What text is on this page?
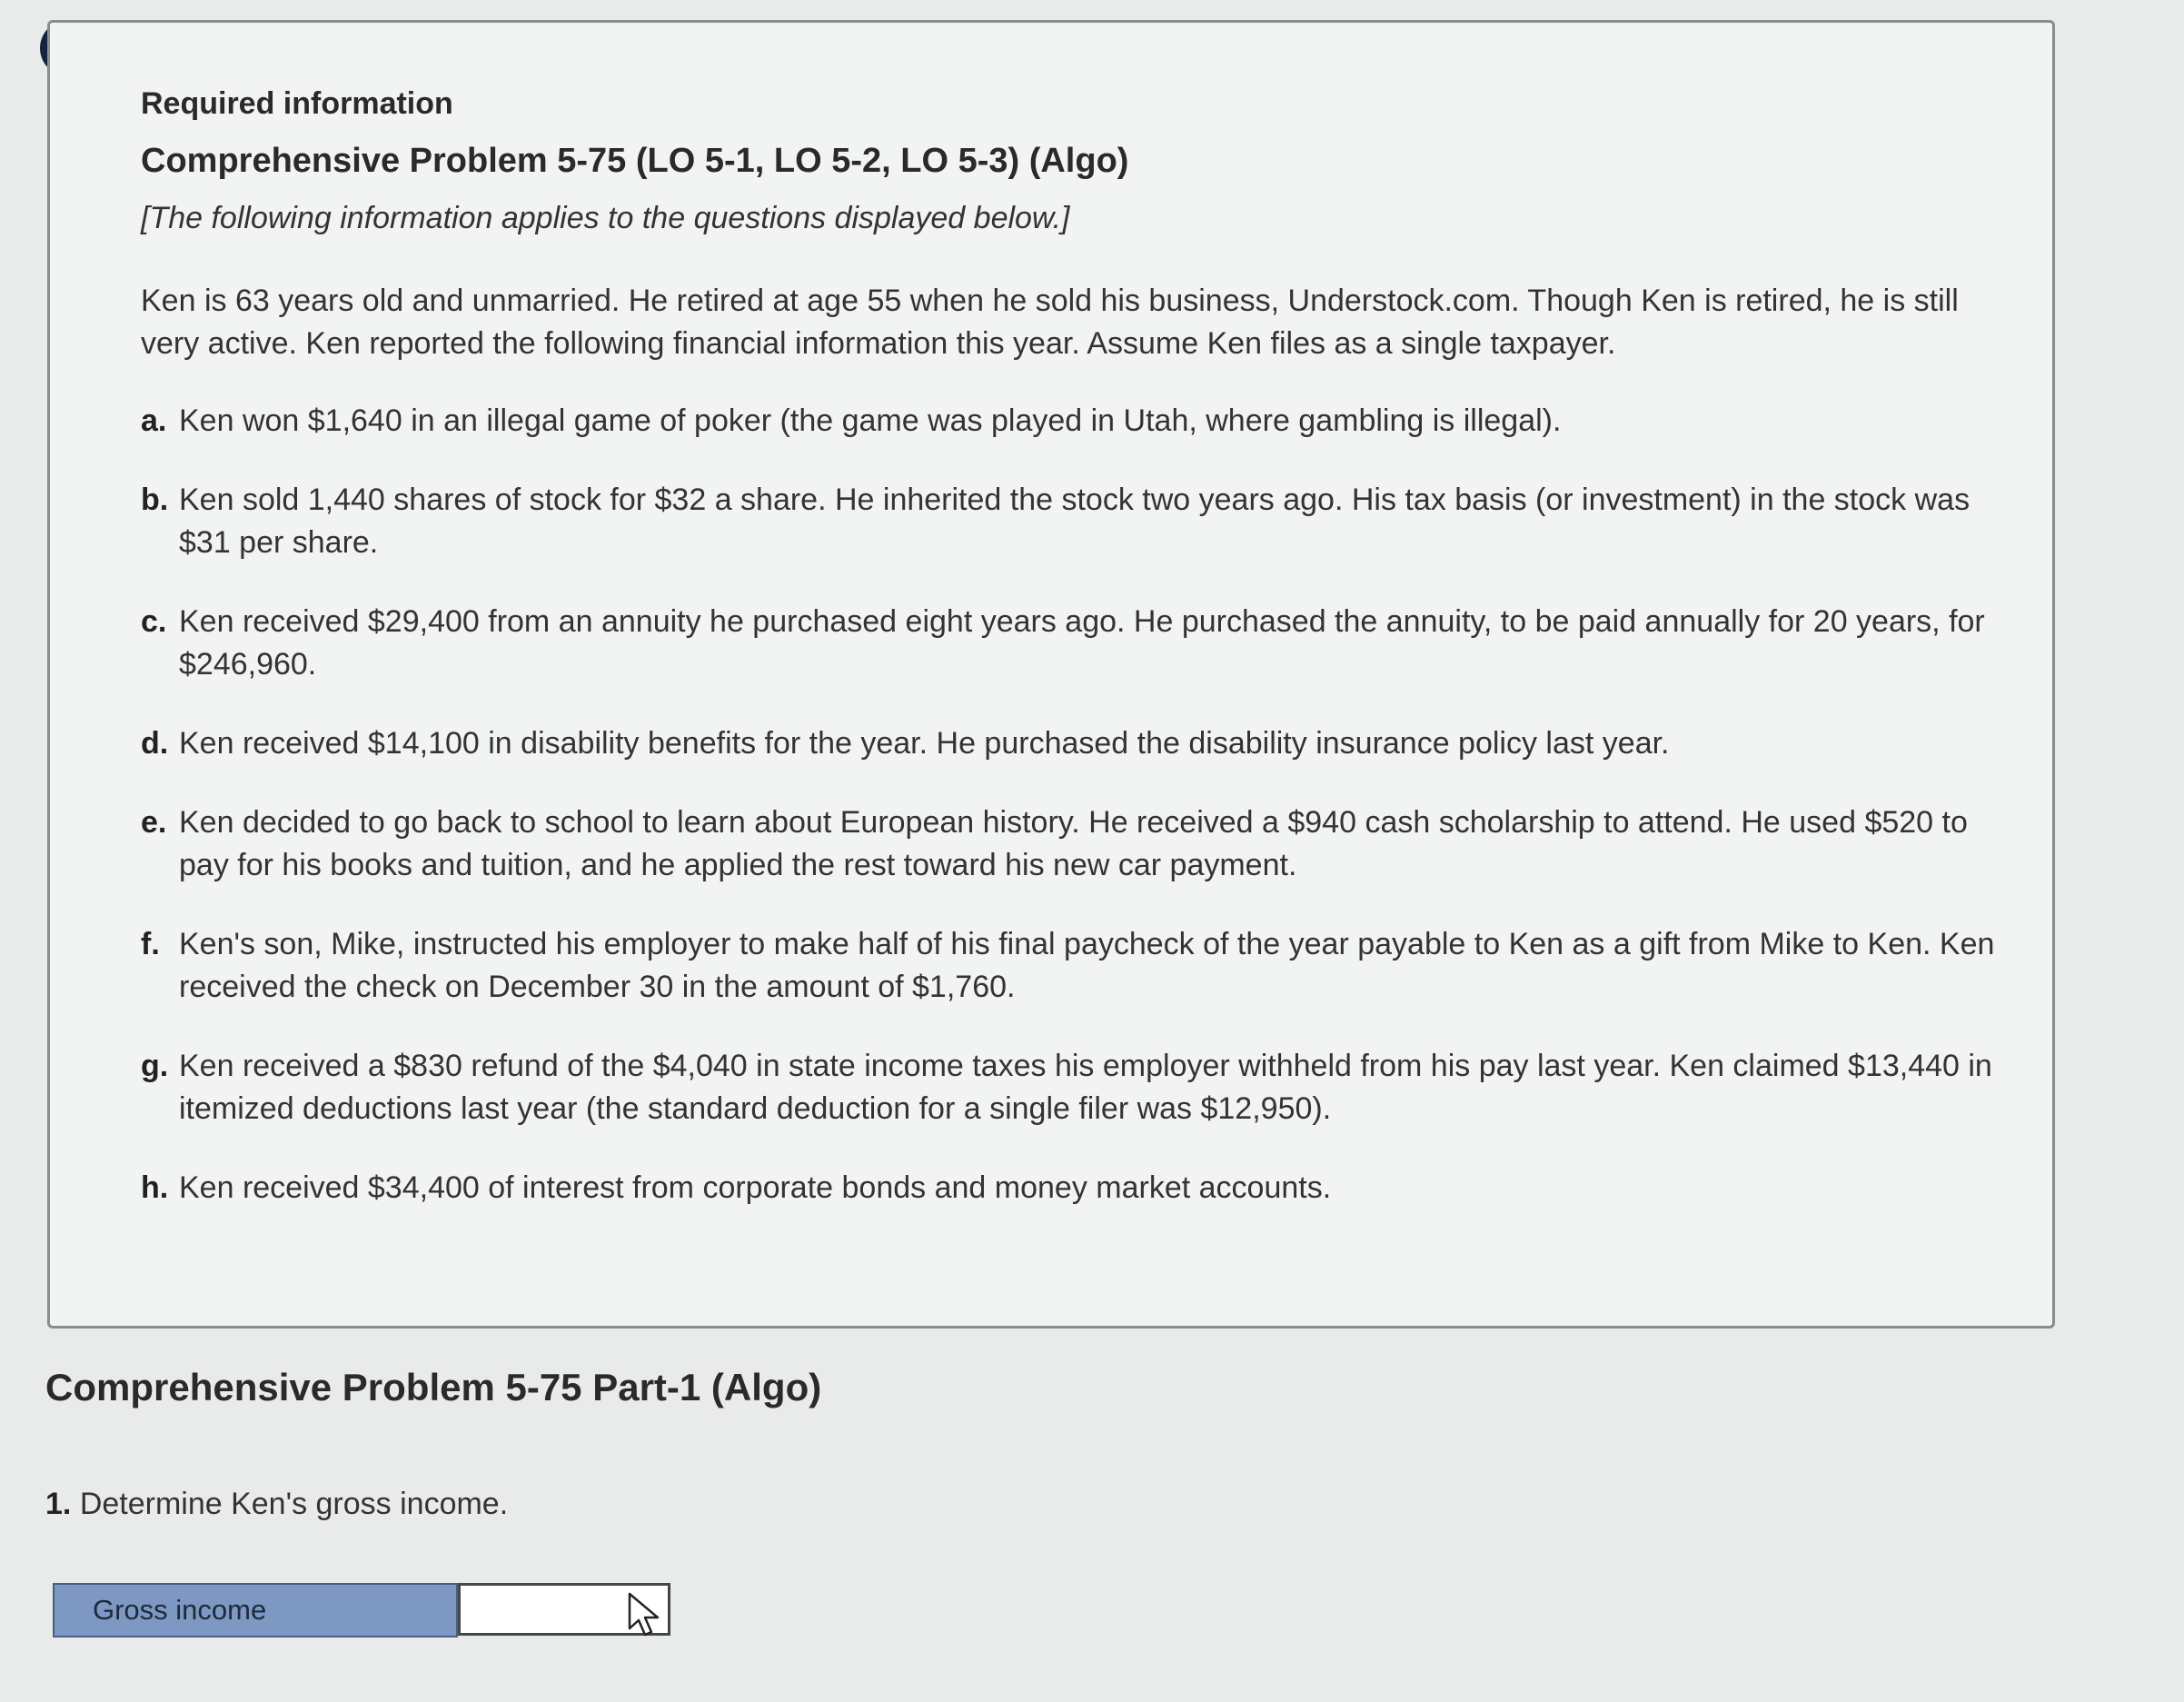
Required information
Comprehensive Problem 5-75 (LO 5-1, LO 5-2, LO 5-3) (Algo)
[The following information applies to the questions displayed below.]

Ken is 63 years old and unmarried. He retired at age 55 when he sold his business, Understock.com. Though Ken is retired, he is still very active. Ken reported the following financial information this year. Assume Ken files as a single taxpayer.

a. Ken won $1,640 in an illegal game of poker (the game was played in Utah, where gambling is illegal).
b. Ken sold 1,440 shares of stock for $32 a share. He inherited the stock two years ago. His tax basis (or investment) in the stock was $31 per share.
c. Ken received $29,400 from an annuity he purchased eight years ago. He purchased the annuity, to be paid annually for 20 years, for $246,960.
d. Ken received $14,100 in disability benefits for the year. He purchased the disability insurance policy last year.
e. Ken decided to go back to school to learn about European history. He received a $940 cash scholarship to attend. He used $520 to pay for his books and tuition, and he applied the rest toward his new car payment.
f. Ken's son, Mike, instructed his employer to make half of his final paycheck of the year payable to Ken as a gift from Mike to Ken. Ken received the check on December 30 in the amount of $1,760.
g. Ken received a $830 refund of the $4,040 in state income taxes his employer withheld from his pay last year. Ken claimed $13,440 in itemized deductions last year (the standard deduction for a single filer was $12,950).
h. Ken received $34,400 of interest from corporate bonds and money market accounts.
Comprehensive Problem 5-75 Part-1 (Algo)

1. Determine Ken's gross income.

Gross income
